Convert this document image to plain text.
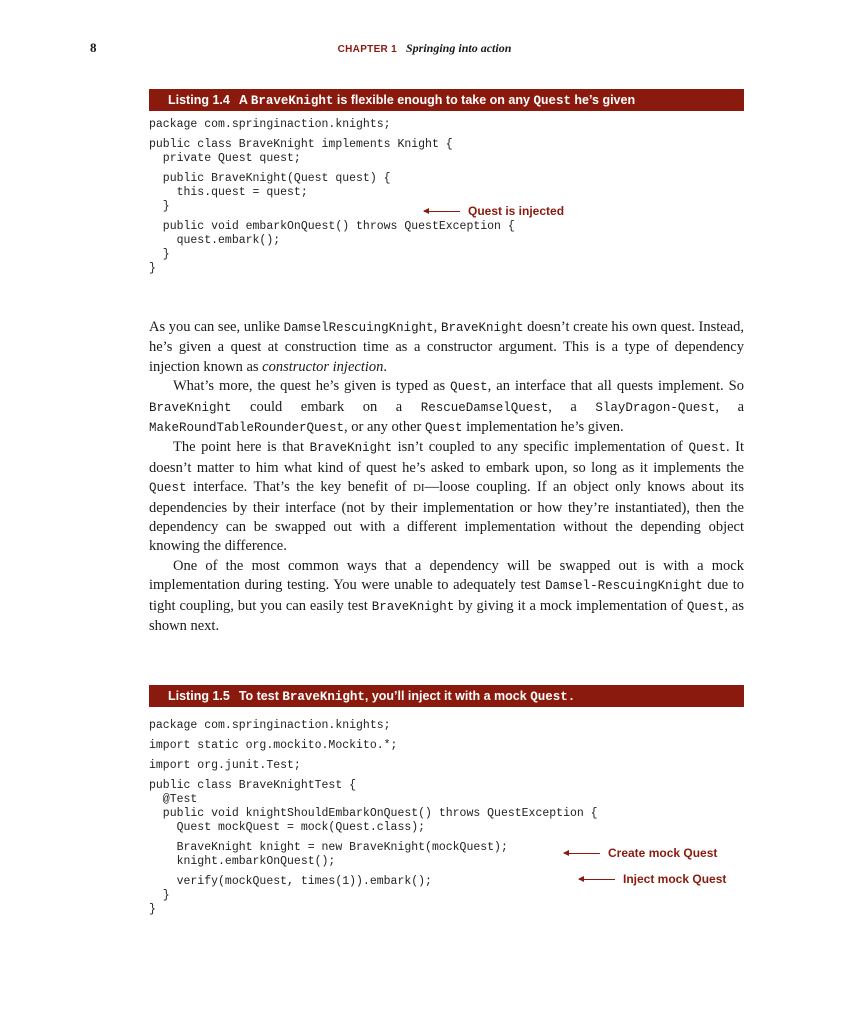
8	CHAPTER 1 Springing into action
Listing 1.4 A BraveKnight is flexible enough to take on any Quest he’s given
package com.springinaction.knights;
public class BraveKnight implements Knight {
private Quest quest;
public BraveKnight(Quest quest) {
this.quest = quest;
}
public void embarkOnQuest() throws QuestException {
quest.embark();
}
}
Quest is injected

As you can see, unlike DamselRescuingKnight, BraveKnight doesn’t create his own quest. Instead, he’s given a quest at construction time as a constructor argument. This is a type of dependency injection known as constructor injection.

What’s more, the quest he’s given is typed as Quest, an interface that all quests implement. So BraveKnight could embark on a RescueDamselQuest, a SlayDragon-Quest, a MakeRoundTableRounderQuest, or any other Quest implementation he’s given.

The point here is that BraveKnight isn’t coupled to any specific implementation of Quest. It doesn’t matter to him what kind of quest he’s asked to embark upon, so long as it implements the Quest interface. That’s the key benefit of DI—loose coupling. If an object only knows about its dependencies by their interface (not by their implementation or how they’re instantiated), then the dependency can be swapped out with a different implementation without the depending object knowing the difference.

One of the most common ways that a dependency will be swapped out is with a mock implementation during testing. You were unable to adequately test Damsel-RescuingKnight due to tight coupling, but you can easily test BraveKnight by giving it a mock implementation of Quest, as shown next.

Listing 1.5 To test BraveKnight, you’ll inject it with a mock Quest.
package com.springinaction.knights;
import static org.mockito.Mockito.*;
import org.junit.Test;
public class BraveKnightTest {
@Test
public void knightShouldEmbarkOnQuest() throws QuestException {
Quest mockQuest = mock(Quest.class);
BraveKnight knight = new BraveKnight(mockQuest);
knight.embarkOnQuest();
verify(mockQuest, times(1)).embark();
}
}
Create mock Quest
Inject mock Quest
